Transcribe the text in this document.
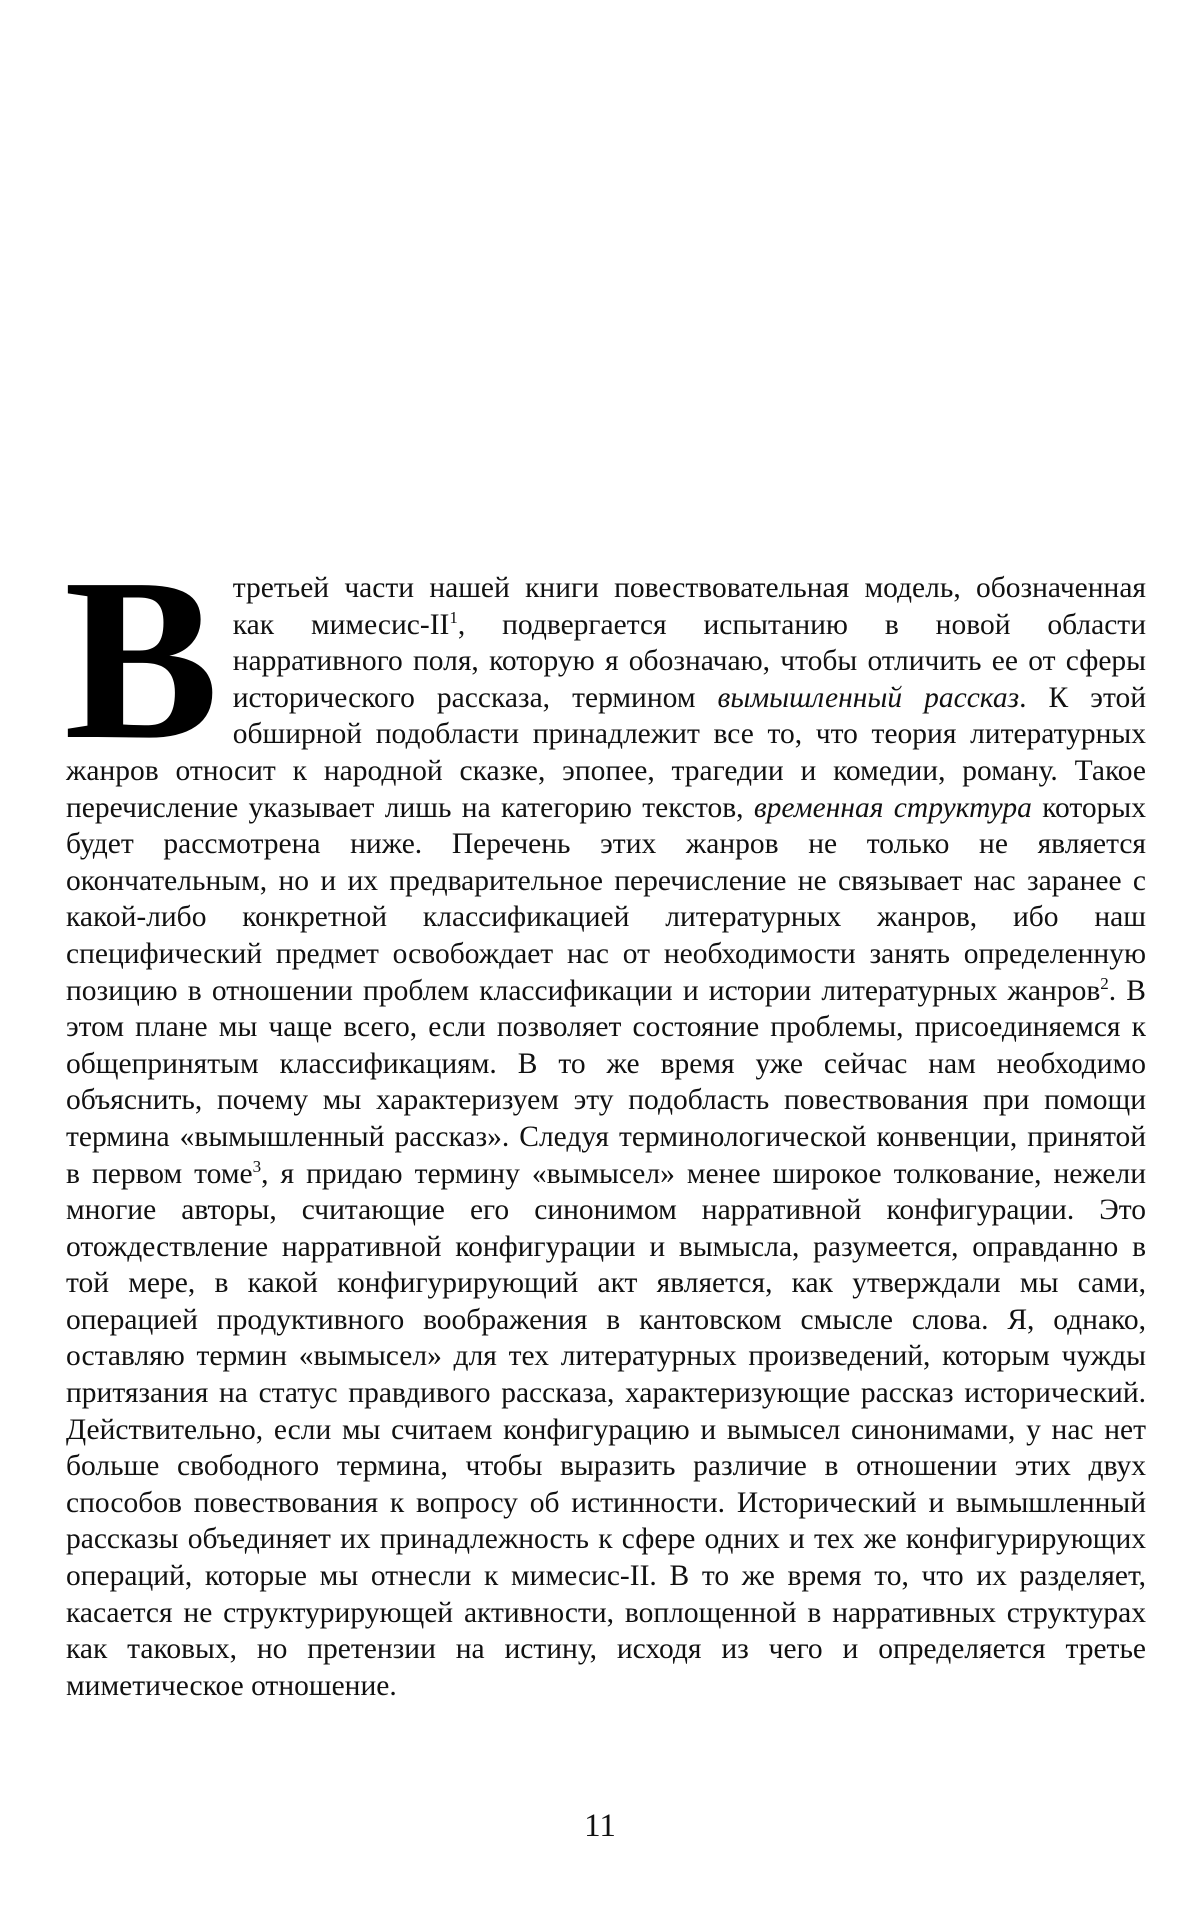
В третьей части нашей книги повествовательная модель, обозначенная как мимесис-$II^1$, подвергается испытанию в новой области нарративного поля, которую я обозначаю, чтобы отличить ее от сферы исторического рассказа, термином вымышленный рассказ. К этой обширной подобласти принадлежит все то, что теория литературных жанров относит к народной сказке, эпопее, трагедии и комедии, роману. Такое перечисление указывает лишь на категорию текстов, временная структура которых будет рассмотрена ниже. Перечень этих жанров не только не является окончательным, но и их предварительное перечисление не связывает нас заранее с какой-либо конкретной классификацией литературных жанров, ибо наш специфический предмет освобождает нас от необходимости занять определенную позицию в отношении проблем классификации и истории литературных жанров$^2$. В этом плане мы чаще всего, если позволяет состояние проблемы, присоединяемся к общепринятым классификациям. В то же время уже сейчас нам необходимо объяснить, почему мы характеризуем эту подобласть повествования при помощи термина «вымышленный рассказ». Следуя терминологической конвенции, принятой в первом томе$^3$, я придаю термину «вымысел» менее широкое толкование, нежели многие авторы, считающие его синонимом нарративной конфигурации. Это отождествление нарративной конфигурации и вымысла, разумеется, оправданно в той мере, в какой конфигурирующий акт является, как утверждали мы сами, операцией продуктивного воображения в кантовском смысле слова. Я, однако, оставляю термин «вымысел» для тех литературных произведений, которым чужды притязания на статус правдивого рассказа, характеризующие рассказ исторический. Действительно, если мы считаем конфигурацию и вымысел синонимами, у нас нет больше свободного термина, чтобы выразить различие в отношении этих двух способов повествования к вопросу об истинности. Исторический и вымышленный рассказы объединяет их принадлежность к сфере одних и тех же конфигурирующих операций, которые мы отнесли к мимесис-II. В то же время то, что их разделяет, касается не структурирующей активности, воплощенной в нарративных структурах как таковых, но претензии на истину, исходя из чего и определяется третье миметическое отношение.

11
